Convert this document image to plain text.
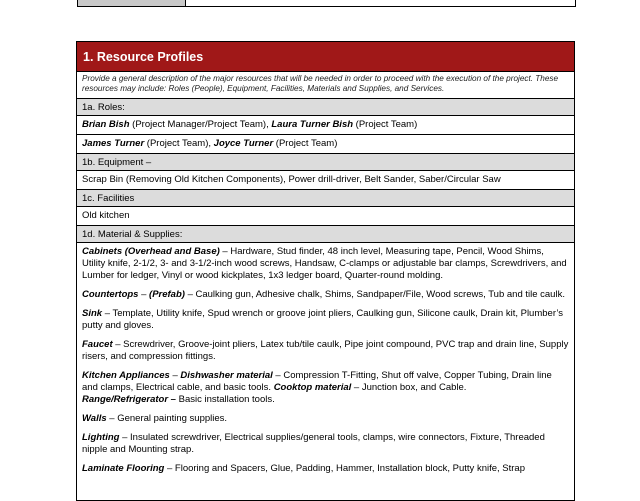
1. Resource Profiles
Provide a general description of the major resources that will be needed in order to proceed with the execution of the project. These resources may include: Roles (People), Equipment, Facilities, Materials and Supplies, and Services.
1a. Roles:
Brian Bish (Project Manager/Project Team), Laura Turner Bish (Project Team)
James Turner (Project Team), Joyce Turner (Project Team)
1b. Equipment –
Scrap Bin (Removing Old Kitchen Components), Power drill-driver, Belt Sander, Saber/Circular Saw
1c. Facilities
Old kitchen
1d. Material & Supplies:
Cabinets (Overhead and Base) – Hardware, Stud finder, 48 inch level, Measuring tape, Pencil, Wood Shims, Utility knife, 2-1/2, 3- and 3-1/2-inch wood screws, Handsaw, C-clamps or adjustable bar clamps, Screwdrivers, and Lumber for ledger, Vinyl or wood kickplates, 1x3 ledger board, Quarter-round molding.
Countertops – (Prefab) – Caulking gun, Adhesive chalk, Shims, Sandpaper/File, Wood screws, Tub and tile caulk.
Sink – Template, Utility knife, Spud wrench or groove joint pliers, Caulking gun, Silicone caulk, Drain kit, Plumber’s putty and gloves.
Faucet – Screwdriver, Groove-joint pliers, Latex tub/tile caulk, Pipe joint compound, PVC trap and drain line, Supply risers, and compression fittings.
Kitchen Appliances – Dishwasher material – Compression T-Fitting, Shut off valve, Copper Tubing, Drain line and clamps, Electrical cable, and basic tools. Cooktop material – Junction box, and Cable.
Range/Refrigerator – Basic installation tools.
Walls – General painting supplies.
Lighting – Insulated screwdriver, Electrical supplies/general tools, clamps, wire connectors, Fixture, Threaded nipple and Mounting strap.
Laminate Flooring – Flooring and Spacers, Glue, Padding, Hammer, Installation block, Putty knife, Strap
